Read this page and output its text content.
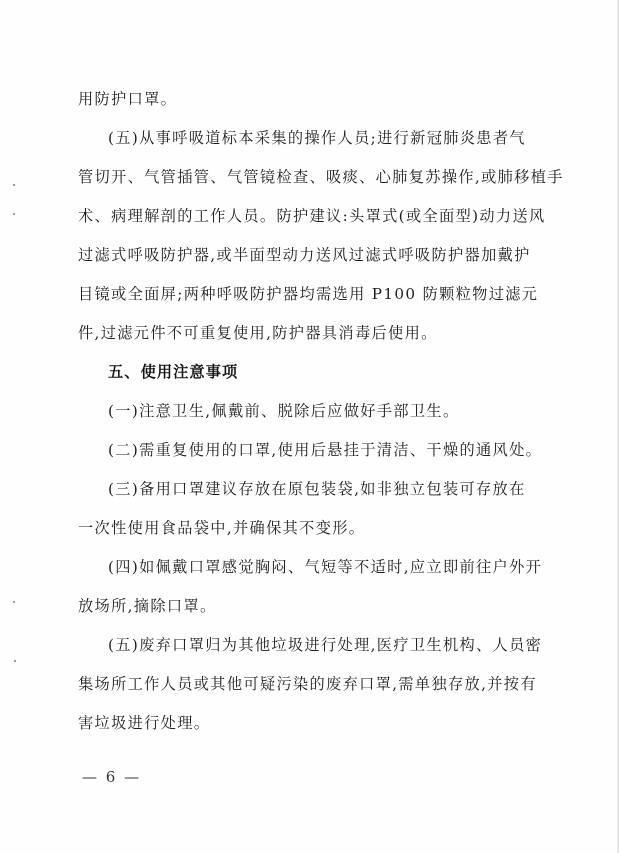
用防护口罩。
(五)从事呼吸道标本采集的操作人员;进行新冠肺炎患者气
管切开、气管插管、气管镜检查、吸痰、心肺复苏操作,或肺移植手
术、病理解剖的工作人员。防护建议:头罩式(或全面型)动力送风
过滤式呼吸防护器,或半面型动力送风过滤式呼吸防护器加戴护
目镜或全面屏;两种呼吸防护器均需选用 P100 防颗粒物过滤元
件,过滤元件不可重复使用,防护器具消毒后使用。
五、使用注意事项
(一)注意卫生,佩戴前、脱除后应做好手部卫生。
(二)需重复使用的口罩,使用后悬挂于清洁、干燥的通风处。
(三)备用口罩建议存放在原包装袋,如非独立包装可存放在
一次性使用食品袋中,并确保其不变形。
(四)如佩戴口罩感觉胸闷、气短等不适时,应立即前往户外开
放场所,摘除口罩。
(五)废弃口罩归为其他垃圾进行处理,医疗卫生机构、人员密
集场所工作人员或其他可疑污染的废弃口罩,需单独存放,并按有
害垃圾进行处理。
— 6 —
